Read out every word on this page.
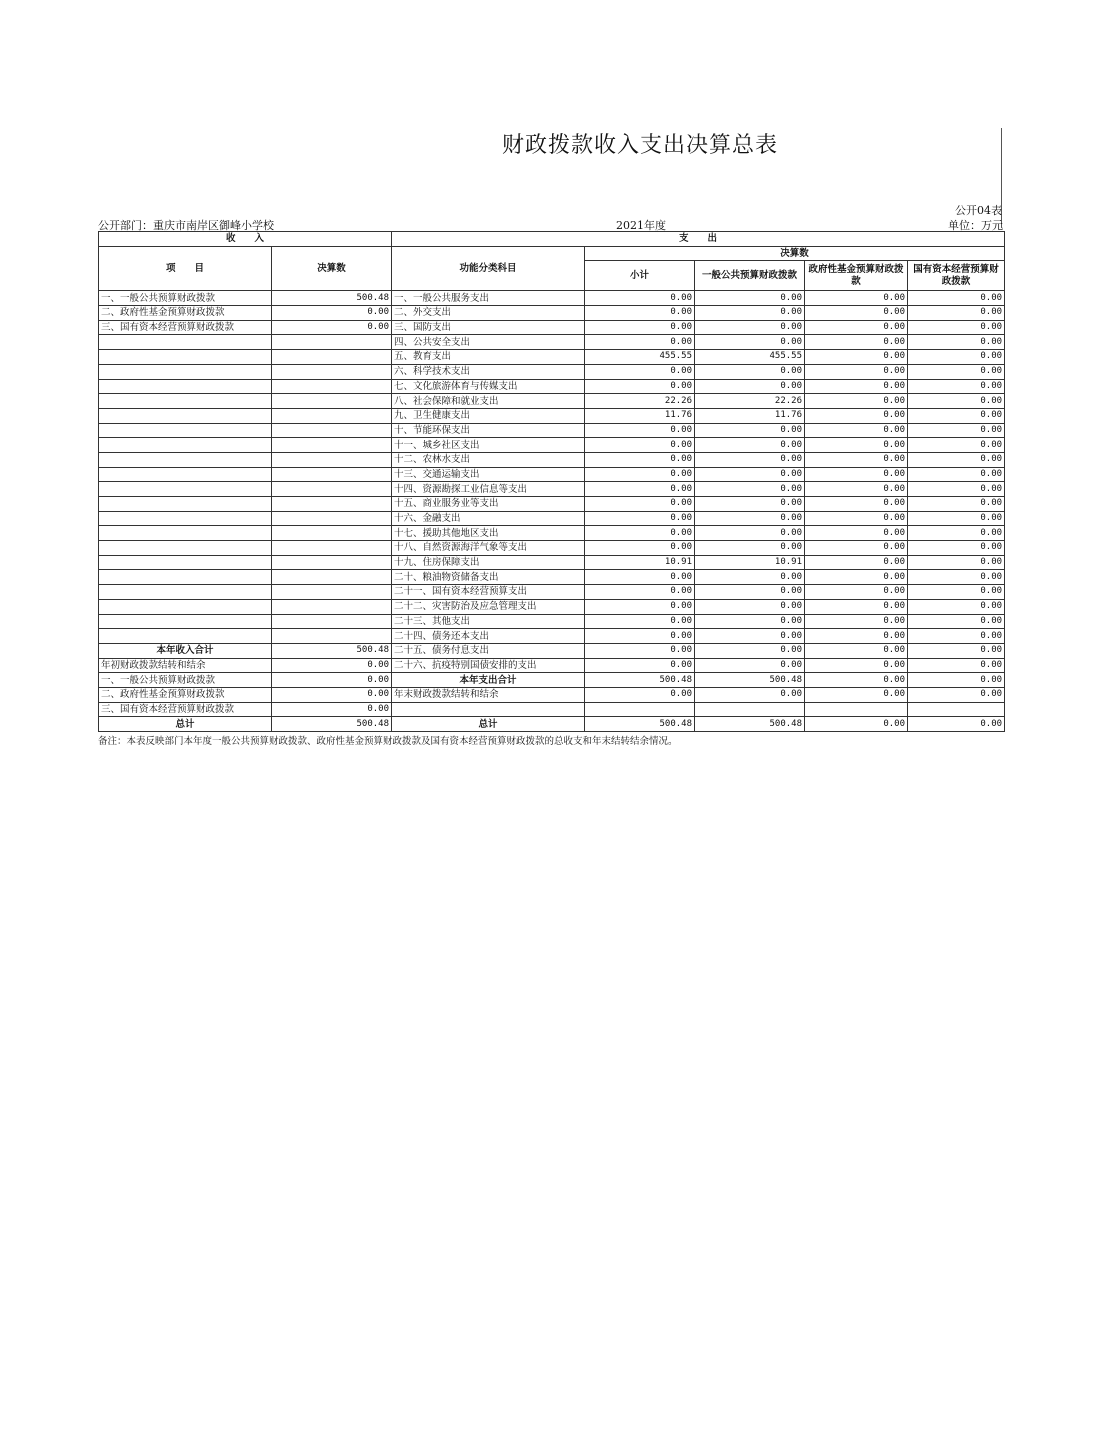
财政拨款收入支出决算总表
公开04表
公开部门：重庆市南岸区御峰小学校	2021年度	单位：万元
收　　入		支　　出				
项　　目	决算数	功能分类科目	决算数			
			小计	一般公共预算财政拨款	政府性基金预算财政拨款	国有资本经营预算财政拨款
一、一般公共预算财政拨款	500.48	一、一般公共服务支出	0.00	0.00	0.00	0.00
二、政府性基金预算财政拨款	0.00	二、外交支出	0.00	0.00	0.00	0.00
三、国有资本经营预算财政拨款	0.00	三、国防支出	0.00	0.00	0.00	0.00
		四、公共安全支出	0.00	0.00	0.00	0.00
		五、教育支出	455.55	455.55	0.00	0.00
		六、科学技术支出	0.00	0.00	0.00	0.00
		七、文化旅游体育与传媒支出	0.00	0.00	0.00	0.00
		八、社会保障和就业支出	22.26	22.26	0.00	0.00
		九、卫生健康支出	11.76	11.76	0.00	0.00
		十、节能环保支出	0.00	0.00	0.00	0.00
		十一、城乡社区支出	0.00	0.00	0.00	0.00
		十二、农林水支出	0.00	0.00	0.00	0.00
		十三、交通运输支出	0.00	0.00	0.00	0.00
		十四、资源勘探工业信息等支出	0.00	0.00	0.00	0.00
		十五、商业服务业等支出	0.00	0.00	0.00	0.00
		十六、金融支出	0.00	0.00	0.00	0.00
		十七、援助其他地区支出	0.00	0.00	0.00	0.00
		十八、自然资源海洋气象等支出	0.00	0.00	0.00	0.00
		十九、住房保障支出	10.91	10.91	0.00	0.00
		二十、粮油物资储备支出	0.00	0.00	0.00	0.00
		二十一、国有资本经营预算支出	0.00	0.00	0.00	0.00
		二十二、灾害防治及应急管理支出	0.00	0.00	0.00	0.00
		二十三、其他支出	0.00	0.00	0.00	0.00
		二十四、债务还本支出	0.00	0.00	0.00	0.00
本年收入合计	500.48	二十五、债务付息支出	0.00	0.00	0.00	0.00
年初财政拨款结转和结余	0.00	二十六、抗疫特别国债安排的支出	0.00	0.00	0.00	0.00
一、一般公共预算财政拨款	0.00	本年支出合计	500.48	500.48	0.00	0.00
二、政府性基金预算财政拨款	0.00	年末财政拨款结转和结余	0.00	0.00	0.00	0.00
三、国有资本经营预算财政拨款	0.00					
总计	500.48	总计	500.48	500.48	0.00	0.00
备注：本表反映部门本年度一般公共预算财政拨款、政府性基金预算财政拨款及国有资本经营预算财政拨款的总收支和年末结转结余情况。
